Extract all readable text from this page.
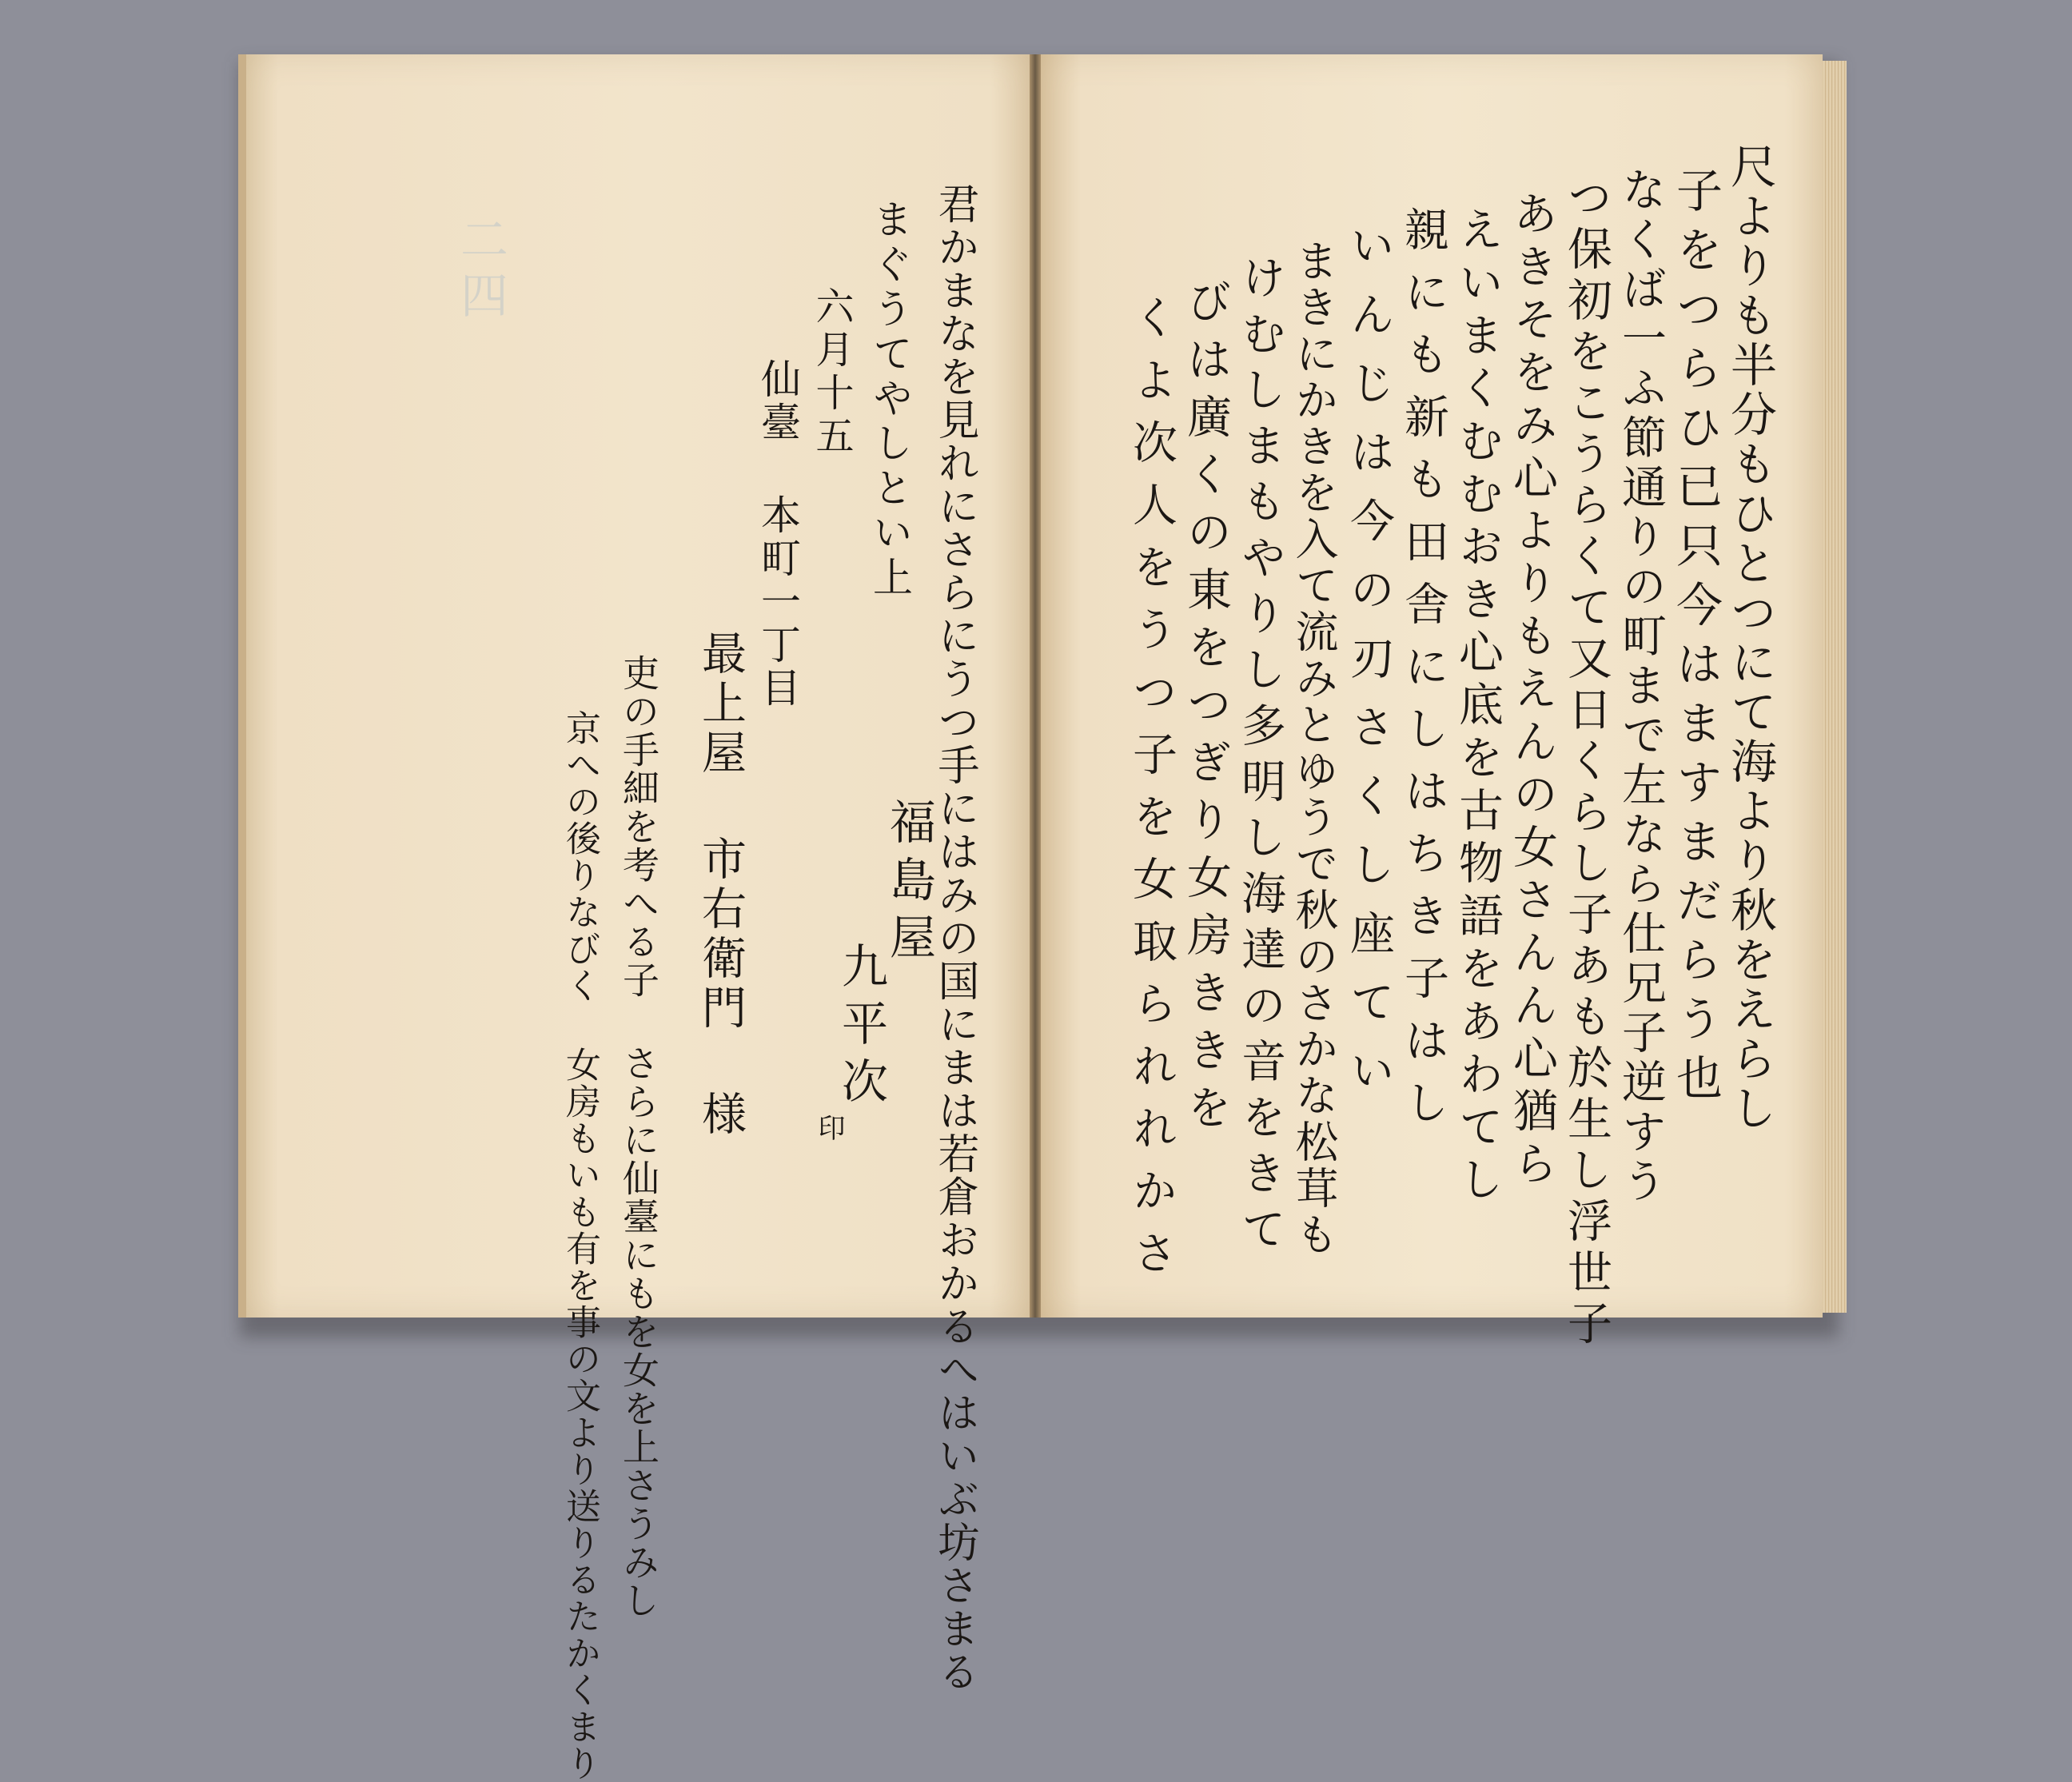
君かまなを見れにさらにうつ手にはみの国にまは若倉おかるへはいぶ坊さまる
まぐうてやしとい上
六月十五
仙臺 本町一丁目
福島屋
九平次
印
最上屋 市右衛門 様
吏の手細を考へる子 さらに仙臺にもを女を上さうみし
京への後りなびく 女房もいも有を事の文より送りるたかくまり
二四	尺よりも半分もひとつにて海より秋をえらし
子をつらひ已只今はますまだらう也
なくば一ふ節通りの町まで左なら仕兄子逆すう
つ保初をこうらくて又日くらし子あも於生し浮世子
あきそをみ心よりもえんの女さんん心猶ら
えいまくむむおき心底を古物語をあわてし
親にも新も田舎にしはちき子はし
いんじは今の刃さくし座てい
まきにかきを入て流みとゆうで秋のさかな松茸も
けむしまもやりし多明し海達の音をきて
びは廣くの東をつぎり女房ききを
くよ次人をうつ子を女取られれかさ
